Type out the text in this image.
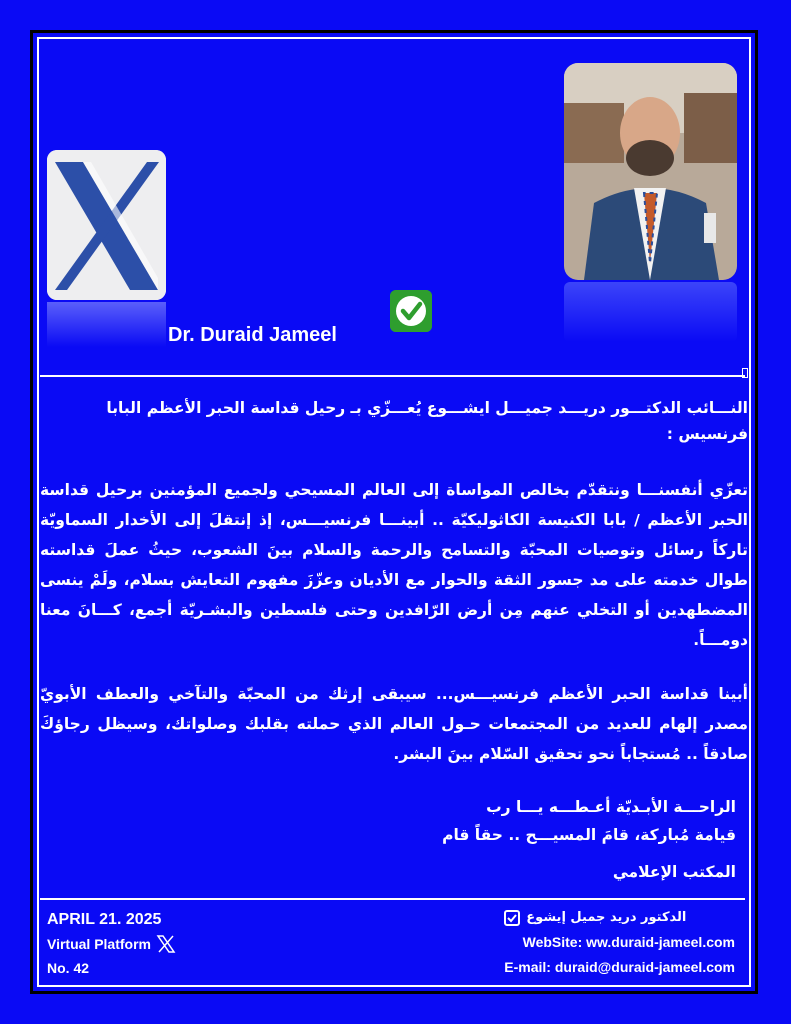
Dr. Duraid Jameel

النـــائب الدكتـــور دريـــد جميـــل ايشـــوع يُعـــزّي بـ رحيل قداسة الحبر الأعظم البابا فرنسيس :

تعزّي أنفسنـــا ونتقدّم بخالص المواساة إلى العالم المسيحي ولجميع المؤمنين برحيل قداسة الحبر الأعظم / بابا الكنيسة الكاثوليكيّة .. أبينـــا فرنسيـــس، إذ إنتقلَ إلى الأخدار السماويّة تاركاً رسائل وتوصيات المحبّة والتسامح والرحمة والسلام بينَ الشعوب، حيثُ عملَ قداسته طوال خدمته على مد جسور الثقة والحوار مع الأديان وعزّزَ مفهوم التعايش بسلام، ولَمْ ينسى المضطهدين أو التخلي عنهم مِن أرض الرّافدين وحتى فلسطين والبشـريّة أجمع، كـــانَ معنا دومـــاً.

أبينا قداسة الحبر الأعظم فرنسيـــس... سيبقى إرثك من المحبّة والتآخي والعطف الأبويّ مصدر إلهام للعديد من المجتمعات حـول العالم الذي حملته بقلبك وصلواتك، وسيظل رجاؤكَ صادقاً .. مُستجاباً نحو تحقيق السّلام بينَ البشر.

الراحـــة الأبـديّة أعـطـــه يـــا رب

قيامة مُباركة، قامَ المسيـــح .. حقاً قام

المكتب الإعلامي

APRIL 21. 2025
Virtual Platform
No. 42
الدكتور دريد جميل إيشوع
WebSite: ww.duraid-jameel.com
E-mail: duraid@duraid-jameel.com
